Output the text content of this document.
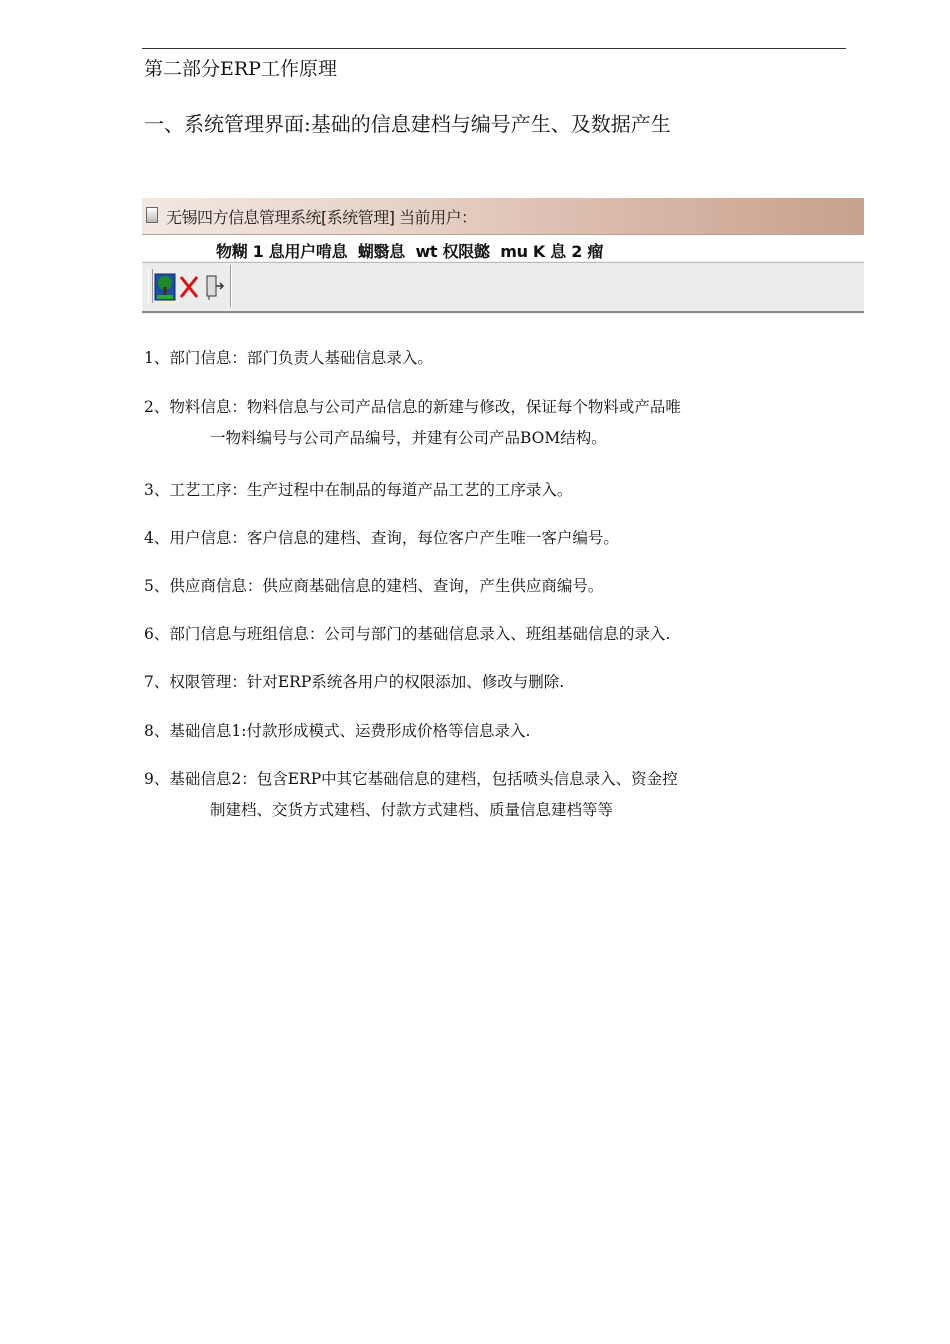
第二部分ERP工作原理
一、系统管理界面:基础的信息建档与编号产生、及数据产生
无锡四方信息管理系统[系统管理] 当前用户：
物糊 1 息用户啃息  蝴翳息  wt 权限懿  mu K 息 2 瘤
1、部门信息：部门负责人基础信息录入。
2、物料信息：物料信息与公司产品信息的新建与修改，保证每个物料或产品唯
一物料编号与公司产品编号，并建有公司产品BOM结构。
3、工艺工序：生产过程中在制品的每道产品工艺的工序录入。
4、用户信息：客户信息的建档、查询，每位客户产生唯一客户编号。
5、供应商信息：供应商基础信息的建档、查询，产生供应商编号。
6、部门信息与班组信息：公司与部门的基础信息录入、班组基础信息的录入.
7、权限管理：针对ERP系统各用户的权限添加、修改与删除.
8、基础信息1:付款形成模式、运费形成价格等信息录入.
9、基础信息2：包含ERP中其它基础信息的建档，包括喷头信息录入、资金控
制建档、交货方式建档、付款方式建档、质量信息建档等等
